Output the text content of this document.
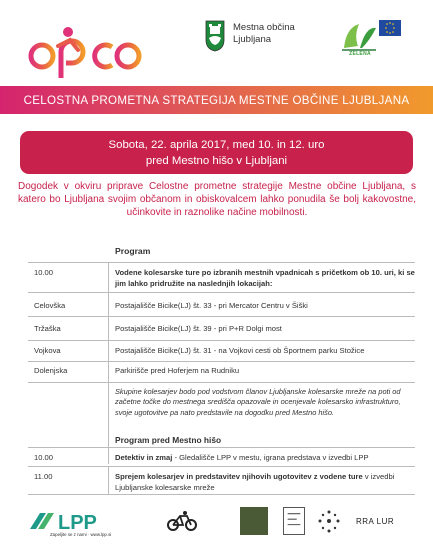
Mestna občina
Ljubljana
ZELENA
CELOSTNA PROMETNA STRATEGIJA MESTNE OBČINE LJUBLJANA
Sobota, 22. aprila 2017, med 10. in 12. uro
pred Mestno hišo v Ljubljani
Dogodek v okviru priprave Celostne prometne strategije Mestne občine Ljubljana, s katero bo Ljubljana svojim občanom in obiskovalcem lahko ponudila še bolj kakovostne, učinkovite in raznolike načine mobilnosti.
Program
10.00	Vodene kolesarske ture po izbranih mestnih vpadnicah s pričetkom ob 10. uri, ki se jim lahko pridružite na naslednjih lokacijah:
Celovška	Postajališče Bicike(LJ) št. 33 - pri Mercator Centru v Šiški
Tržaška	Postajališče Bicike(LJ) št. 39 - pri P+R Dolgi most
Vojkova	Postajališče Bicike(LJ) št. 31 - na Vojkovi cesti ob Športnem parku Stožice
Dolenjska	Parkirišče pred Hoferjem na Rudniku
Skupine kolesarjev bodo pod vodstvom članov Ljubljanske kolesarske mreže na poti od začetne točke do mestnega središča opazovale in ocenjevale kolesarsko infrastrukturo, svoje ugotovitve pa nato predstavile na dogodku pred Mestno hišo.
Program pred Mestno hišo
10.00	Detektiv in zmaj - Gledališče LPP v mestu, igrana predstava v izvedbi LPP
11.00	Sprejem kolesarjev in predstavitev njihovih ugotovitev z vodene ture v izvedbi Ljubljanske kolesarske mreže
LPP
Zapeljite se z nami · www.lpp.si
RRA LUR
